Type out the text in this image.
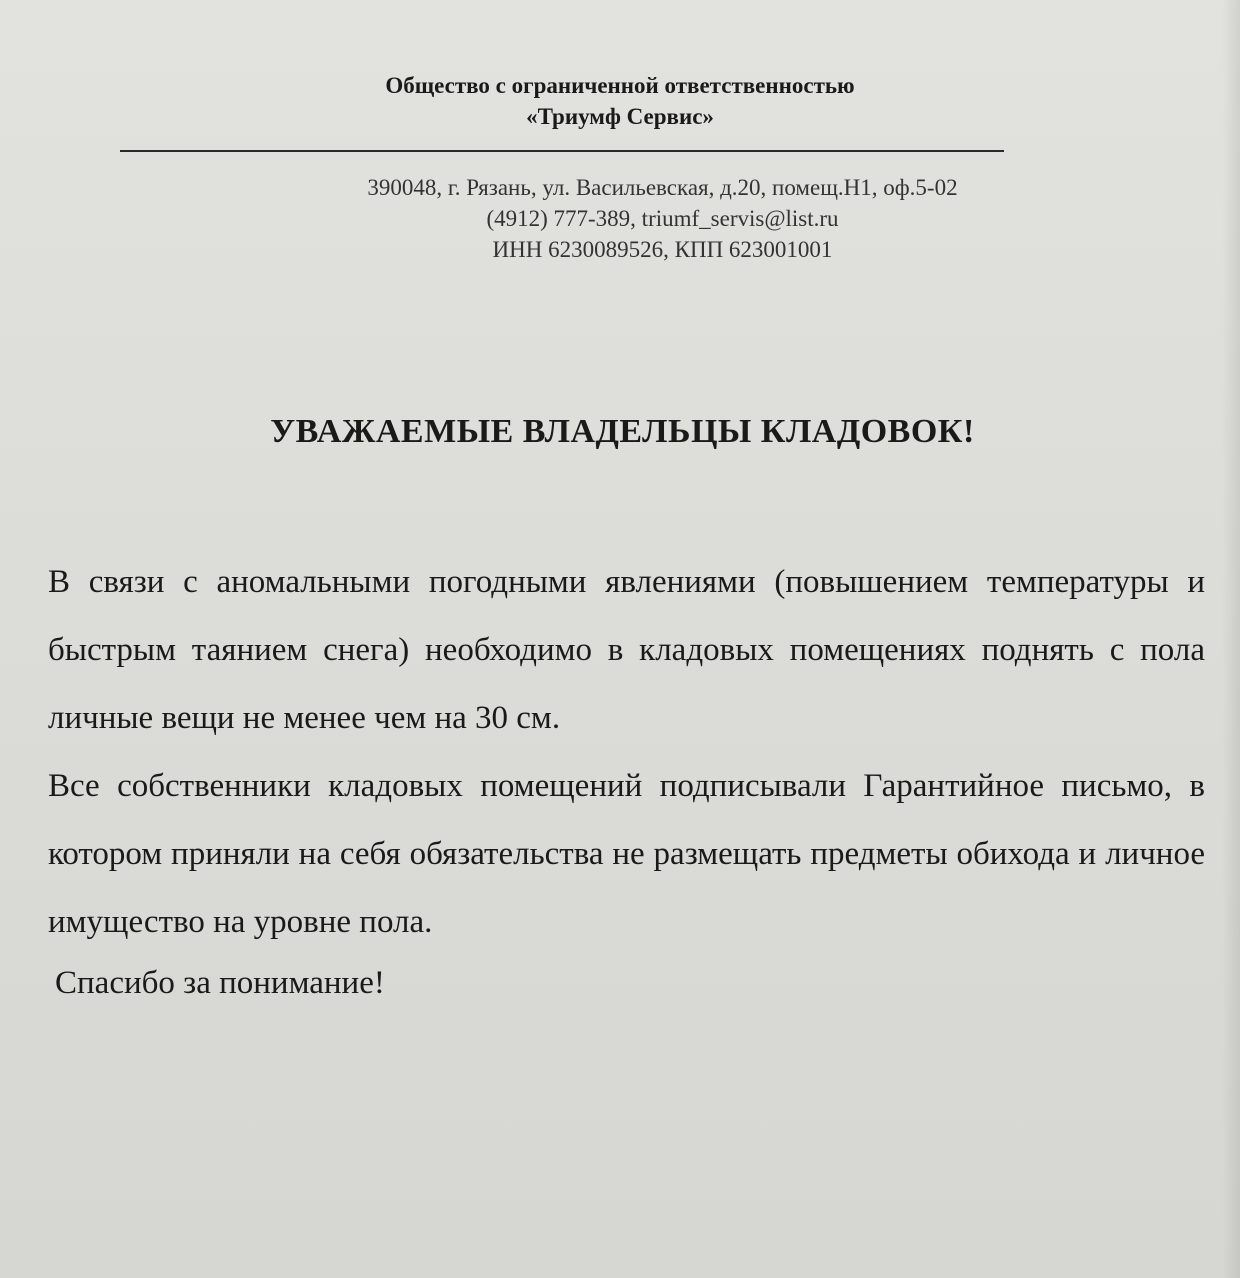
Общество с ограниченной ответственностью
«Триумф Сервис»
390048, г. Рязань, ул. Васильевская, д.20, помещ.Н1, оф.5-02
(4912) 777-389, triumf_servis@list.ru
ИНН 6230089526, КПП 623001001
УВАЖАЕМЫЕ ВЛАДЕЛЬЦЫ КЛАДОВОК!

В связи с аномальными погодными явлениями (повышением температуры и быстрым таянием снега) необходимо в кладовых помещениях поднять с пола личные вещи не менее чем на 30 см.

Все собственники кладовых помещений подписывали Гарантийное письмо, в котором приняли на себя обязательства не размещать предметы обихода и личное имущество на уровне пола.

Спасибо за понимание!
